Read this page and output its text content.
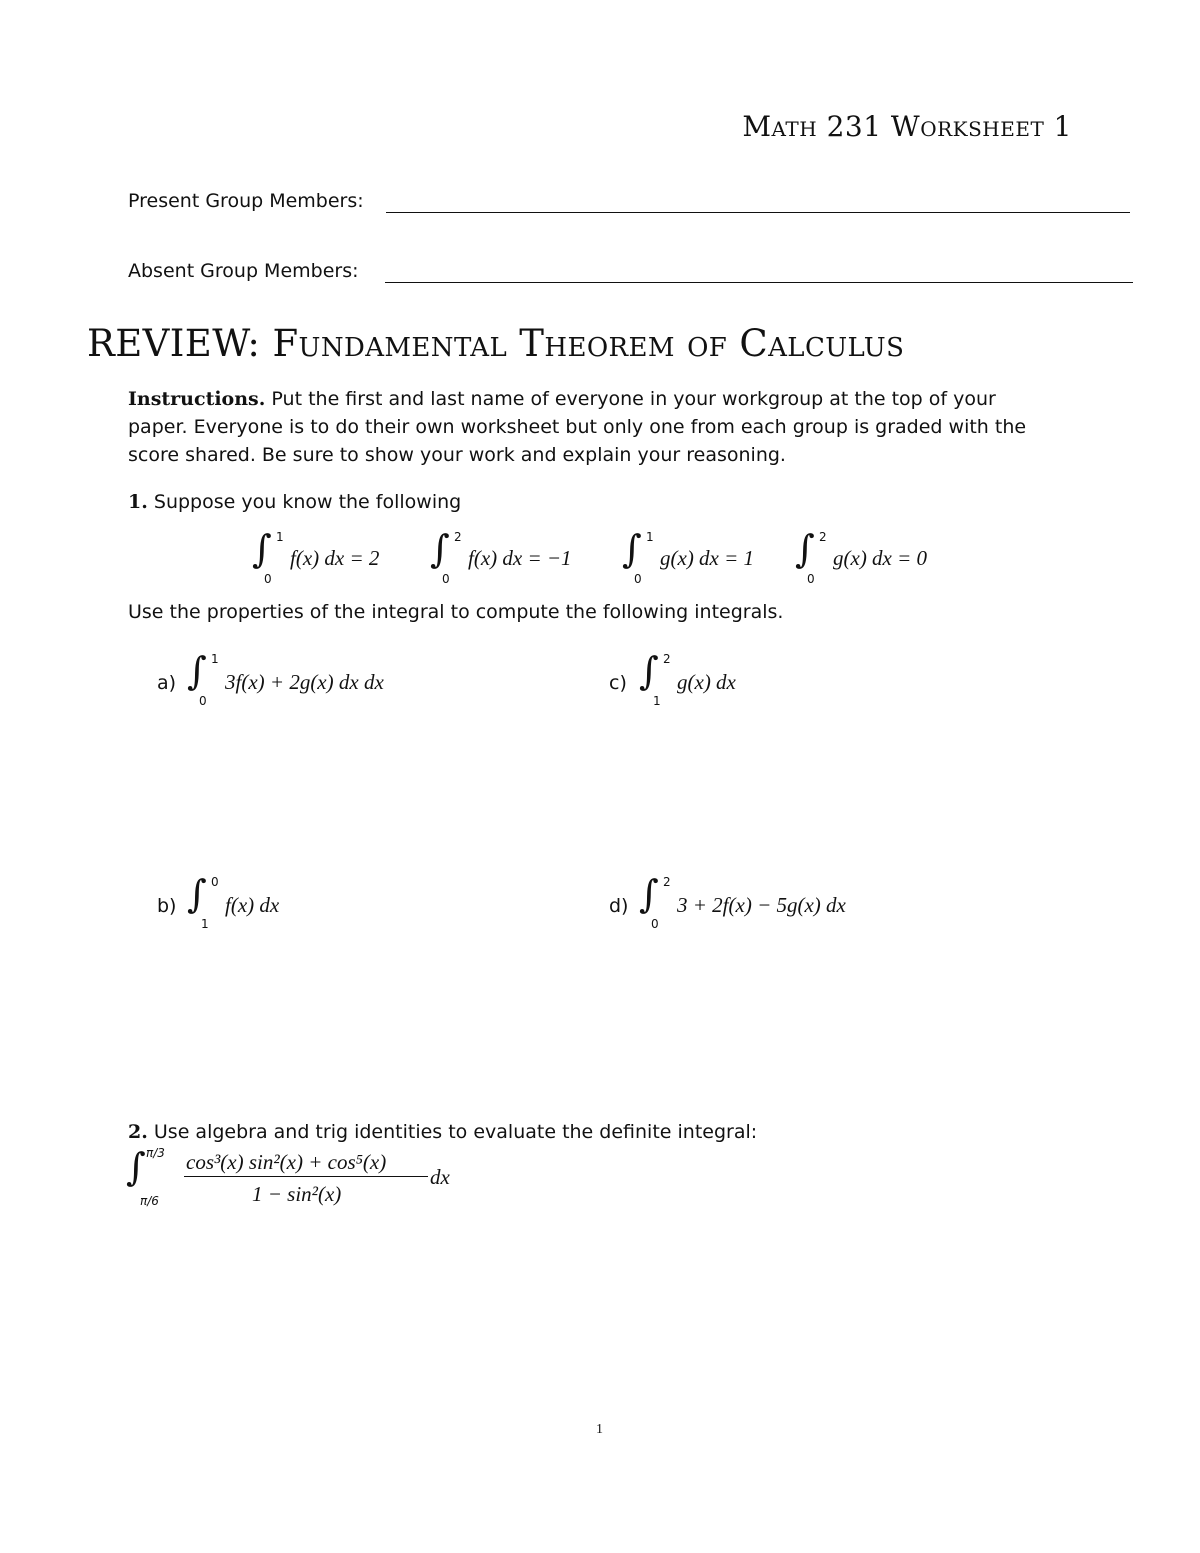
Math 231 Worksheet 1
Present Group Members:
Absent Group Members:
REVIEW: Fundamental Theorem of Calculus
Instructions. Put the first and last name of everyone in your workgroup at the top of your
paper. Everyone is to do their own worksheet but only one from each group is graded with the
score shared. Be sure to show your work and explain your reasoning.
1. Suppose you know the following
∫ 1
0
f(x) dx = 2 ∫ 2
0
f(x) dx = −1 ∫ 1
0
g(x) dx = 1 ∫ 2
0
g(x) dx = 0
Use the properties of the integral to compute the following integrals.
a) ∫ 1
0
3f(x) + 2g(x) dx dx	c) ∫ 2
1
g(x) dx
b) ∫ 0
1
f(x) dx	d) ∫ 2
0
3 + 2f(x) − 5g(x) dx
2. Use algebra and trig identities to evaluate the definite integral:
∫ π/3
π/6
cos³(x) sin²(x) + cos⁵(x)
1 − sin²(x)
dx
1
